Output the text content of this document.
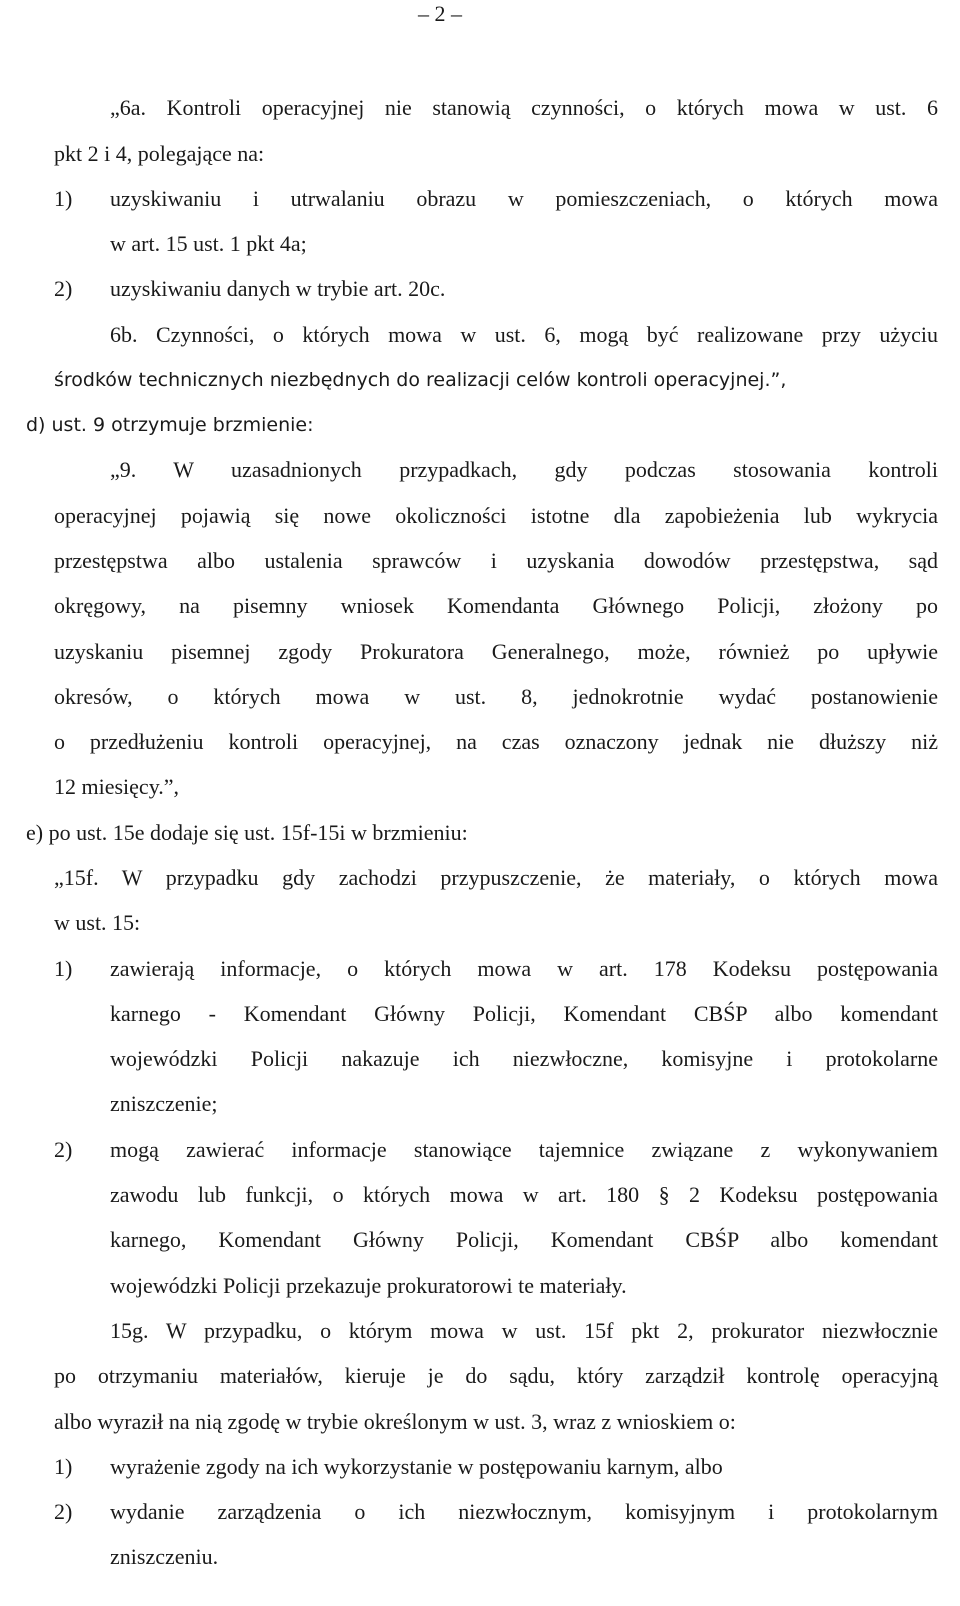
– 2 –
„6a. Kontroli operacyjnej nie stanowią czynności, o których mowa w ust. 6
pkt 2 i 4, polegające na:
1) uzyskiwaniu i utrwalaniu obrazu w pomieszczeniach, o których mowa
w art. 15 ust. 1 pkt 4a;
2) uzyskiwaniu danych w trybie art. 20c.
6b. Czynności, o których mowa w ust. 6, mogą być realizowane przy użyciu
środków technicznych niezbędnych do realizacji celów kontroli operacyjnej.”,
d) ust. 9 otrzymuje brzmienie:
„9. W uzasadnionych przypadkach, gdy podczas stosowania kontroli
operacyjnej pojawią się nowe okoliczności istotne dla zapobieżenia lub wykrycia
przestępstwa albo ustalenia sprawców i uzyskania dowodów przestępstwa, sąd
okręgowy, na pisemny wniosek Komendanta Głównego Policji, złożony po
uzyskaniu pisemnej zgody Prokuratora Generalnego, może, również po upływie
okresów, o których mowa w ust. 8, jednokrotnie wydać postanowienie
o przedłużeniu kontroli operacyjnej, na czas oznaczony jednak nie dłuższy niż
12 miesięcy.”,
e) po ust. 15e dodaje się ust. 15f-15i w brzmieniu:
„15f. W przypadku gdy zachodzi przypuszczenie, że materiały, o których mowa
w ust. 15:
1) zawierają informacje, o których mowa w art. 178 Kodeksu postępowania
karnego - Komendant Główny Policji, Komendant CBŚP albo komendant
wojewódzki Policji nakazuje ich niezwłoczne, komisyjne i protokolarne
zniszczenie;
2) mogą zawierać informacje stanowiące tajemnice związane z wykonywaniem
zawodu lub funkcji, o których mowa w art. 180 § 2 Kodeksu postępowania
karnego, Komendant Główny Policji, Komendant CBŚP albo komendant
wojewódzki Policji przekazuje prokuratorowi te materiały.
15g. W przypadku, o którym mowa w ust. 15f pkt 2, prokurator niezwłocznie
po otrzymaniu materiałów, kieruje je do sądu, który zarządził kontrolę operacyjną
albo wyraził na nią zgodę w trybie określonym w ust. 3, wraz z wnioskiem o:
1) wyrażenie zgody na ich wykorzystanie w postępowaniu karnym, albo
2) wydanie zarządzenia o ich niezwłocznym, komisyjnym i protokolarnym
zniszczeniu.
